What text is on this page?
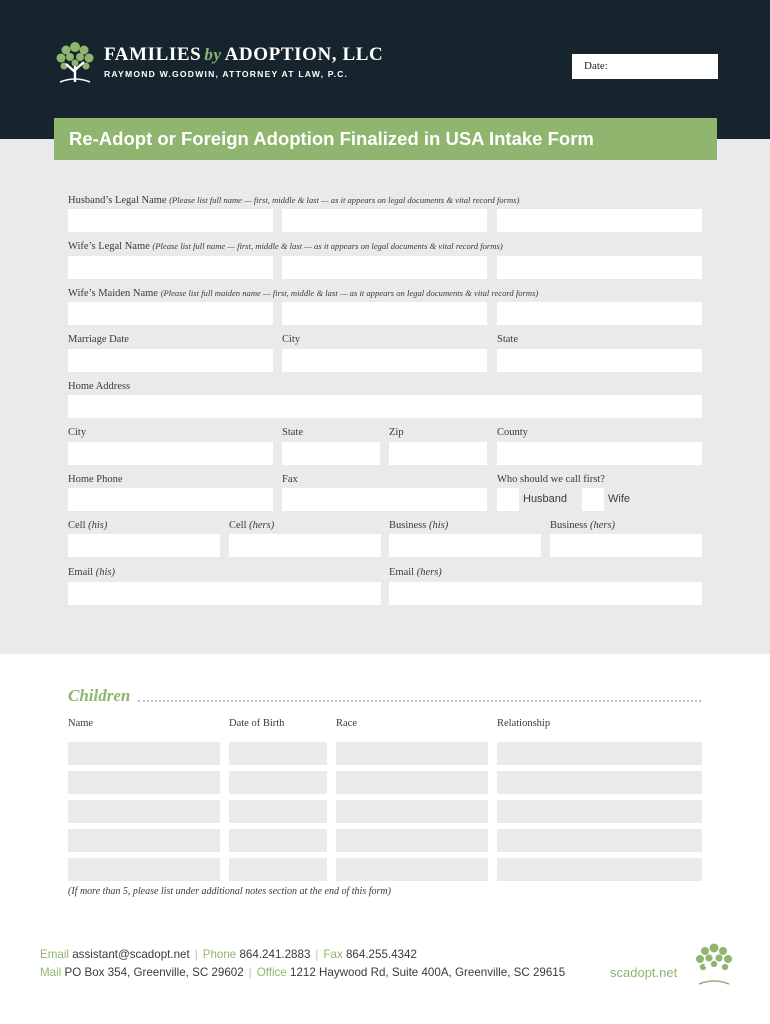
FAMILIES by ADOPTION, LLC
RAYMOND W.GODWIN, ATTORNEY AT LAW, P.C.
Date:
Re-Adopt or Foreign Adoption Finalized in USA Intake Form
Husband’s Legal Name (Please list full name — first, middle & last — as it appears on legal documents & vital record forms)
Wife’s Legal Name (Please list full name — first, middle & last — as it appears on legal documents & vital record forms)
Wife’s Maiden Name (Please list full maiden name — first, middle & last — as it appears on legal documents & vital record forms)
Marriage Date	City	State
Home Address
City	State	Zip	County
Home Phone	Fax	Who should we call first?
Husband	Wife
Cell (his)	Cell (hers)	Business (his)	Business (hers)
Email (his)	Email (hers)
Children
Name	Date of Birth	Race	Relationship
(If more than 5, please list under additional notes section at the end of this form)
Email assistant@scadopt.net | Phone 864.241.2883 | Fax 864.255.4342
Mail PO Box 354, Greenville, SC 29602 | Office 1212 Haywood Rd, Suite 400A, Greenville, SC 29615	scadopt.net
